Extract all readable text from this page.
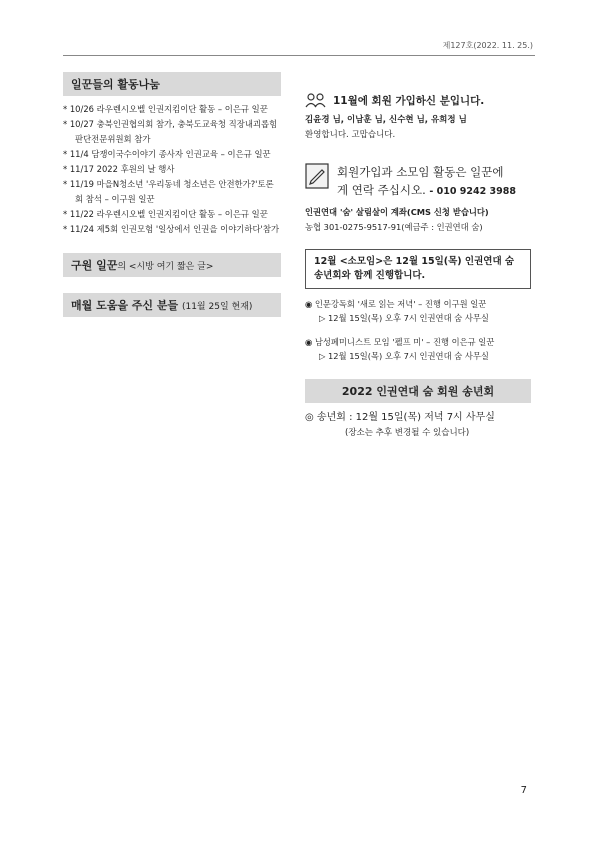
제127호(2022. 11. 25.)
일꾼들의 활동나눔
* 10/26 라우렌시오벨 인권지킴이단 활동 – 이은규 일꾼
* 10/27 충북인권협의회 참가, 충북도교육청 직장내괴롭힘
판단전문위원회 참가
* 11/4 담쟁이국수이야기 종사자 인권교육 – 이은규 일꾼
* 11/17 2022 후원의 날 행사
* 11/19 마을N청소년 '우리동네 청소년은 안전한가?'토론
회 참석 – 이구원 일꾼
* 11/22 라우렌시오벨 인권지킴이단 활동 – 이은규 일꾼
* 11/24 제5회 인권모험 '일상에서 인권을 이야기하다'참가
구원 일꾼의 <시방 여기 짧은 글>
매월 도움을 주신 분들 (11월 25일 현재)
11월에 회원 가입하신 분입니다.
김윤경 님, 이남훈 님, 신수현 님, 유희정 님
환영합니다. 고맙습니다.
회원가입과 소모임 활동은 일꾼에
게 연락 주십시오. - 010 9242 3988
인권연대 '숨' 살림살이 계좌(CMS 신청 받습니다)
농협 301-0275-9517-91(예금주 : 인권연대 숨)
12월 <소모임>은 12월 15일(목) 인권연대 숨
송년회와 함께 진행합니다.
◉ 인문강독회 '새로 읽는 저녁' – 진행 이구원 일꾼
▷ 12월 15일(목) 오후 7시 인권연대 숨 사무실
◉ 남성페미니스트 모임 '펠프 미' – 진행 이은규 일꾼
▷ 12월 15일(목) 오후 7시 인권연대 숨 사무실
2022 인권연대 숨 회원 송년회
◎ 송년회 : 12월 15일(목) 저녁 7시 사무실
(장소는 추후 변경될 수 있습니다)
7
